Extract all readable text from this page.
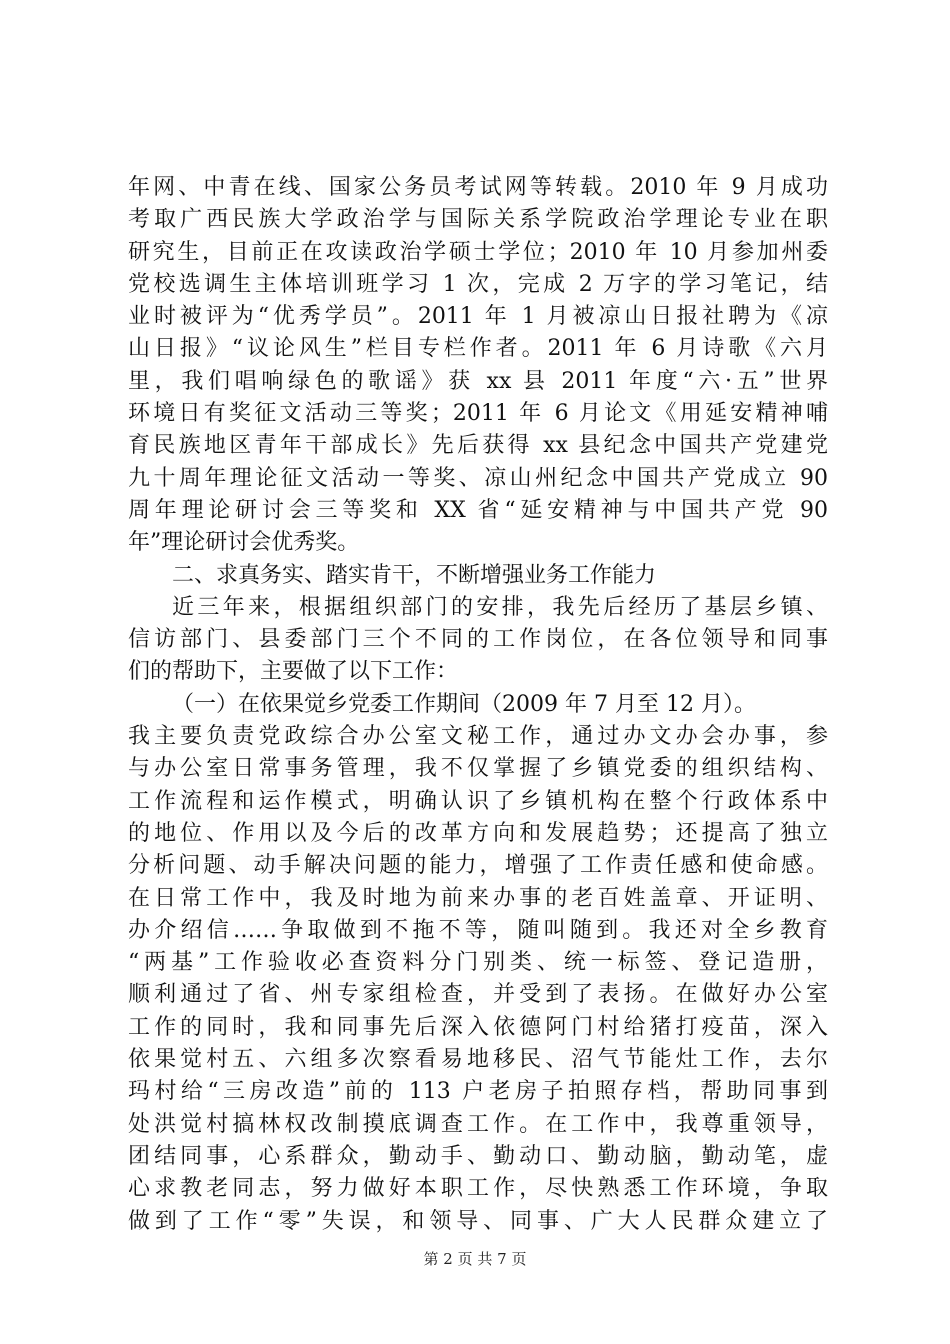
年网、中青在线、国家公务员考试网等转载。2010 年 9 月成功
考取广西民族大学政治学与国际关系学院政治学理论专业在职
研究生，目前正在攻读政治学硕士学位；2010 年 10 月参加州委
党校选调生主体培训班学习 1 次，完成 2 万字的学习笔记，结
业时被评为“优秀学员”。2011 年 1 月被凉山日报社聘为《凉
山日报》“议论风生”栏目专栏作者。2011 年 6 月诗歌《六月
里，我们唱响绿色的歌谣》获 xx 县 2011 年度“六·五”世界
环境日有奖征文活动三等奖；2011 年 6 月论文《用延安精神哺
育民族地区青年干部成长》先后获得 xx 县纪念中国共产党建党
九十周年理论征文活动一等奖、凉山州纪念中国共产党成立 90
周年理论研讨会三等奖和 XX 省“延安精神与中国共产党 90
年”理论研讨会优秀奖。
二、求真务实、踏实肯干，不断增强业务工作能力
近三年来，根据组织部门的安排，我先后经历了基层乡镇、
信访部门、县委部门三个不同的工作岗位，在各位领导和同事
们的帮助下，主要做了以下工作：
（一）在依果觉乡党委工作期间（2009 年 7 月至 12 月）。
我主要负责党政综合办公室文秘工作，通过办文办会办事，参
与办公室日常事务管理，我不仅掌握了乡镇党委的组织结构、
工作流程和运作模式，明确认识了乡镇机构在整个行政体系中
的地位、作用以及今后的改革方向和发展趋势；还提高了独立
分析问题、动手解决问题的能力，增强了工作责任感和使命感。
在日常工作中，我及时地为前来办事的老百姓盖章、开证明、
办介绍信……争取做到不拖不等，随叫随到。我还对全乡教育
“两基”工作验收必查资料分门别类、统一标签、登记造册，
顺利通过了省、州专家组检查，并受到了表扬。在做好办公室
工作的同时，我和同事先后深入依德阿门村给猪打疫苗，深入
依果觉村五、六组多次察看易地移民、沼气节能灶工作，去尔
玛村给“三房改造”前的 113 户老房子拍照存档，帮助同事到
处洪觉村搞林权改制摸底调查工作。在工作中，我尊重领导，
团结同事，心系群众，勤动手、勤动口、勤动脑，勤动笔，虚
心求教老同志，努力做好本职工作，尽快熟悉工作环境，争取
做到了工作“零”失误，和领导、同事、广大人民群众建立了
第 2 页 共 7 页
